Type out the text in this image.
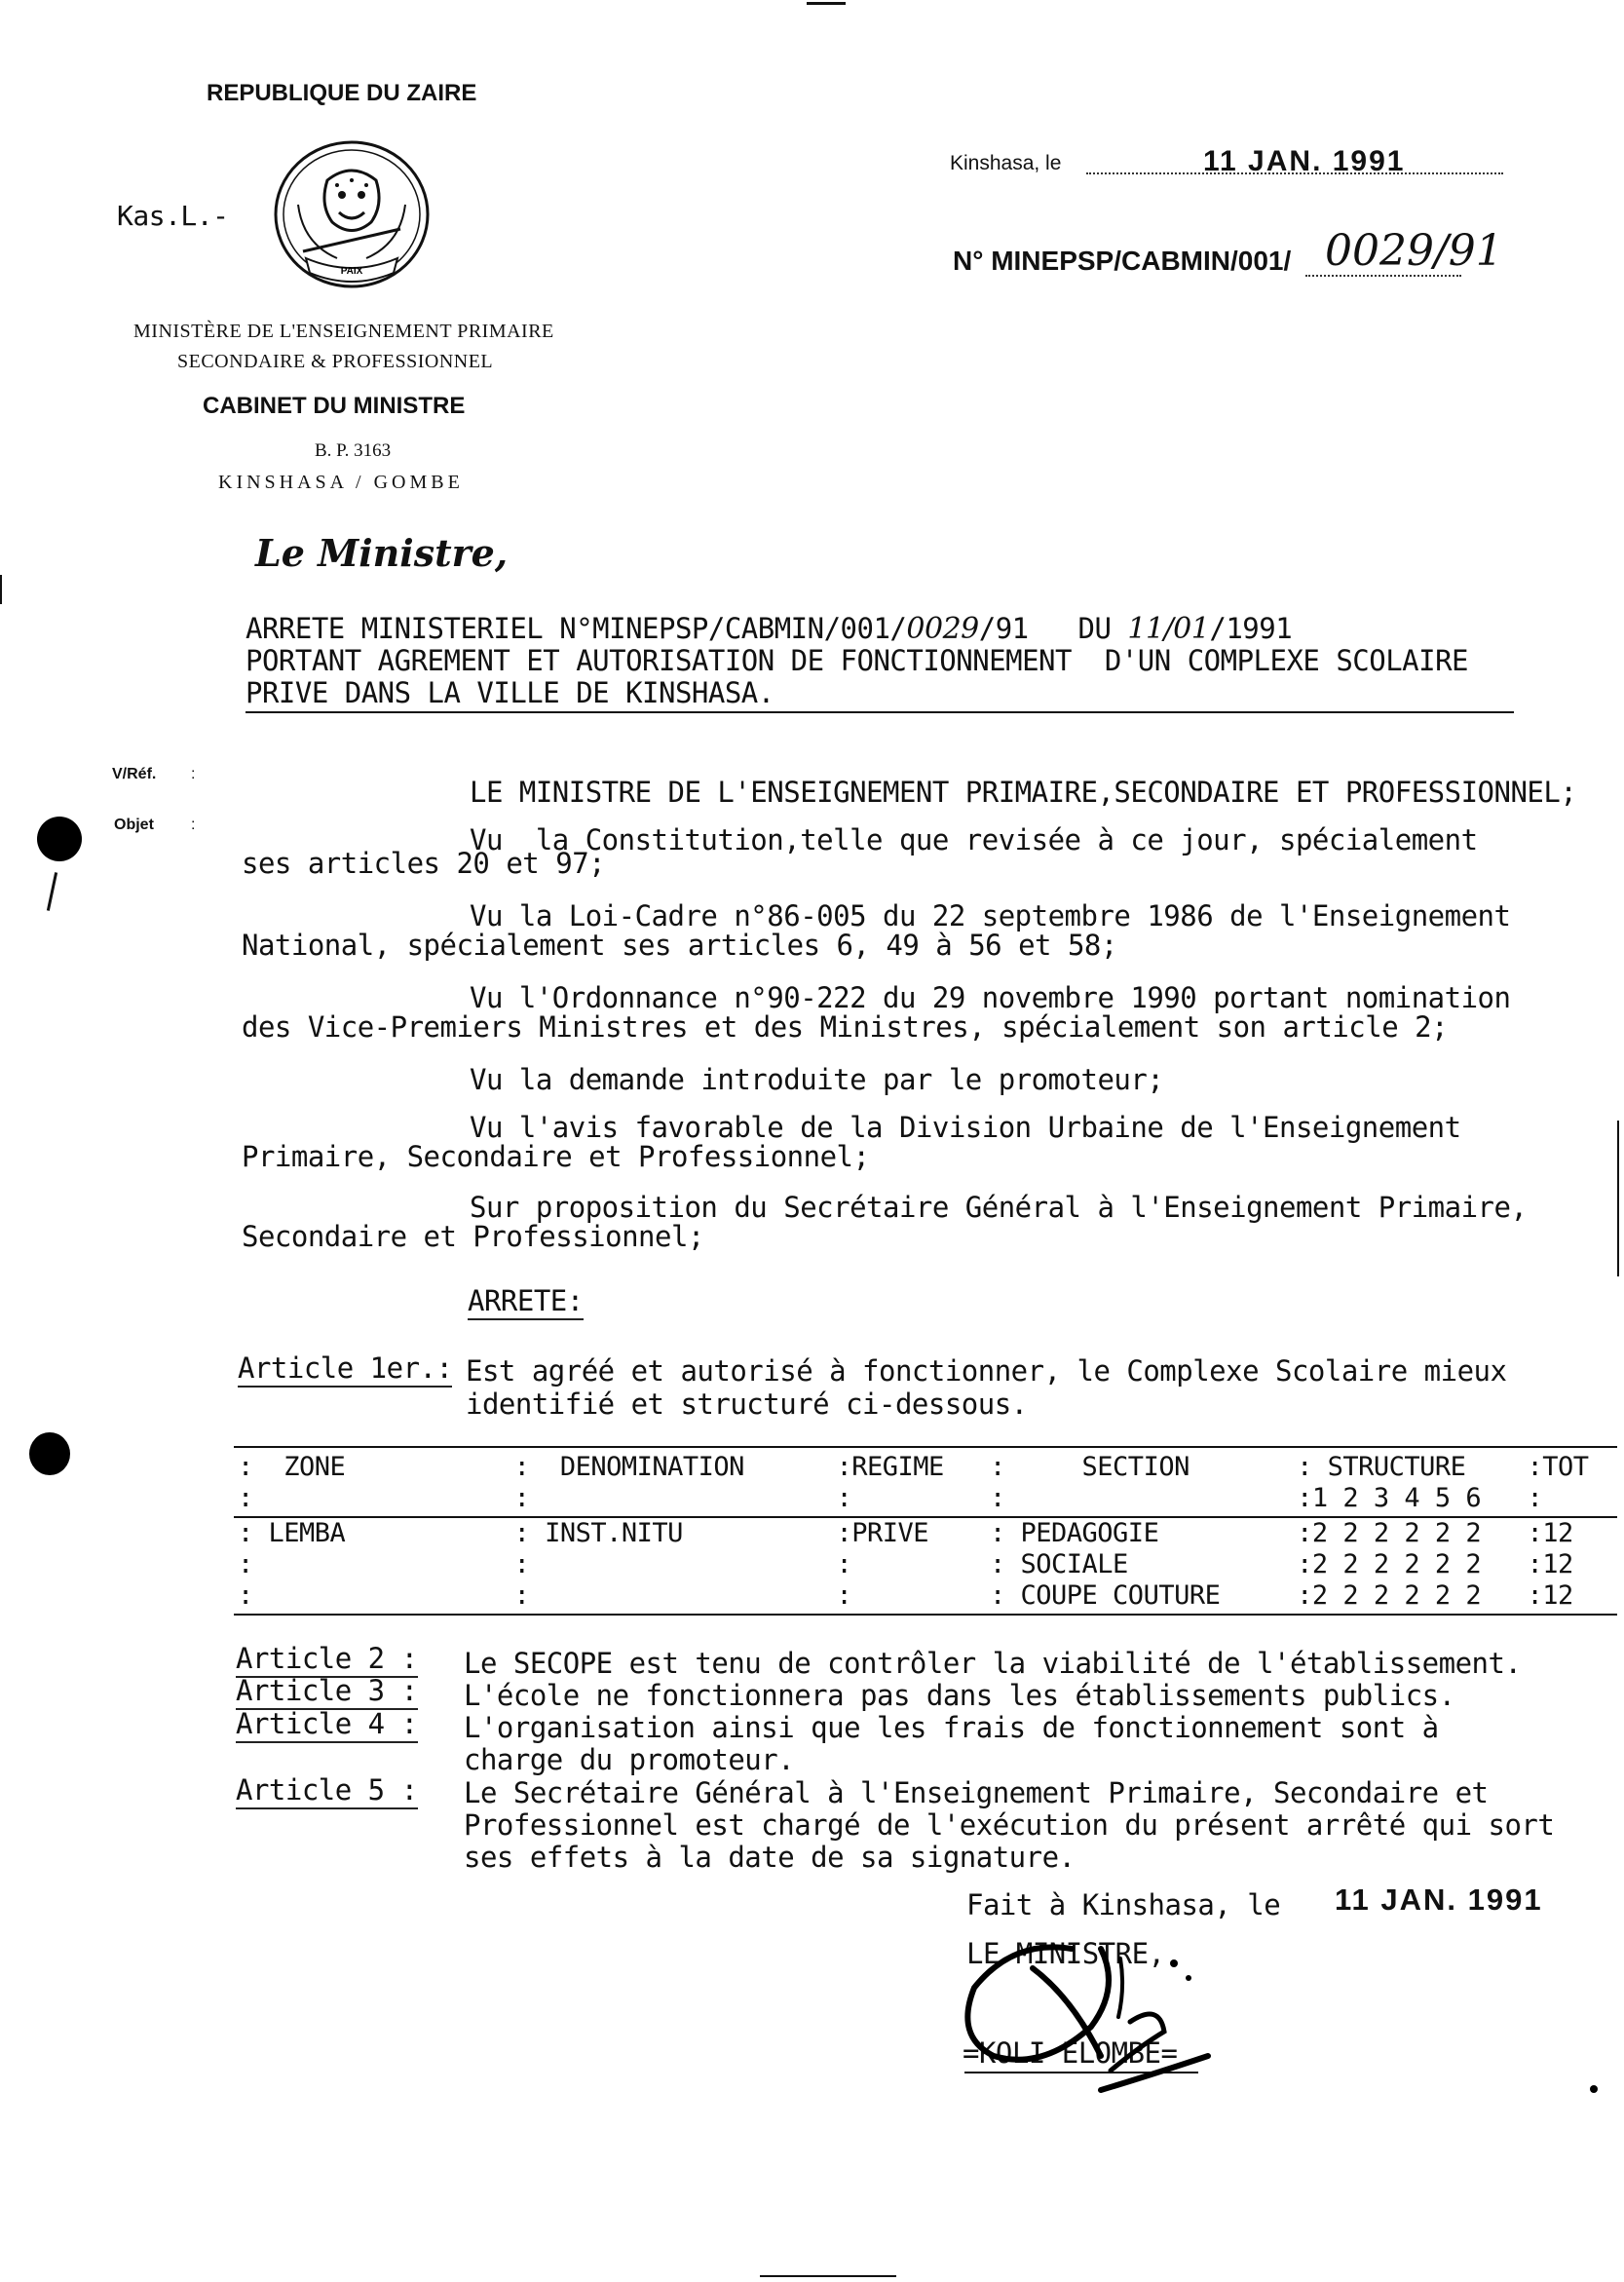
REPUBLIQUE DU ZAIRE
Kas.L.-
PAIX
MINISTÈRE DE L'ENSEIGNEMENT PRIMAIRE
SECONDAIRE & PROFESSIONNEL
CABINET DU MINISTRE
B. P. 3163
KINSHASA / GOMBE
Le Ministre,
Kinshasa, le	11 JAN. 1991
N° MINEPSP/CABMIN/001/ 0029/91
ARRETE MINISTERIEL N°MINEPSP/CABMIN/001/0029/91   DU 11/01/1991
PORTANT AGREMENT ET AUTORISATION DE FONCTIONNEMENT  D'UN COMPLEXE SCOLAIRE
PRIVE DANS LA VILLE DE KINSHASA.
V/Réf. :
Objet :
LE MINISTRE DE L'ENSEIGNEMENT PRIMAIRE,SECONDAIRE ET PROFESSIONNEL;
Vu  la Constitution,telle que revisée à ce jour, spécialement
ses articles 20 et 97;
Vu la Loi-Cadre n°86-005 du 22 septembre 1986 de l'Enseignement
National, spécialement ses articles 6, 49 à 56 et 58;
Vu l'Ordonnance n°90-222 du 29 novembre 1990 portant nomination
des Vice-Premiers Ministres et des Ministres, spécialement son article 2;
Vu la demande introduite par le promoteur;
Vu l'avis favorable de la Division Urbaine de l'Enseignement
Primaire, Secondaire et Professionnel;
Sur proposition du Secrétaire Général à l'Enseignement Primaire,
Secondaire et Professionnel;
ARRETE:
Article 1er.: Est agréé et autorisé à fonctionner, le Complexe Scolaire mieux
identifié et structuré ci-dessous.
:  ZONE           :  DENOMINATION      :REGIME   :     SECTION       : STRUCTURE    :TOT
:                 :                    :         :                   :1 2 3 4 5 6   :
: LEMBA           : INST.NITU          :PRIVE    : PEDAGOGIE         :2 2 2 2 2 2   :12
:                 :                    :         : SOCIALE           :2 2 2 2 2 2   :12
:                 :                    :         : COUPE COUTURE     :2 2 2 2 2 2   :12
Article 2 : Le SECOPE est tenu de contrôler la viabilité de l'établissement.
Article 3 : L'école ne fonctionnera pas dans les établissements publics.
Article 4 : L'organisation ainsi que les frais de fonctionnement sont à
charge du promoteur.
Article 5 : Le Secrétaire Général à l'Enseignement Primaire, Secondaire et
Professionnel est chargé de l'exécution du présent arrêté qui sort
ses effets à la date de sa signature.
Fait à Kinshasa, le 11 JAN. 1991
LE MINISTRE,
=KOLI ELOMBE=
